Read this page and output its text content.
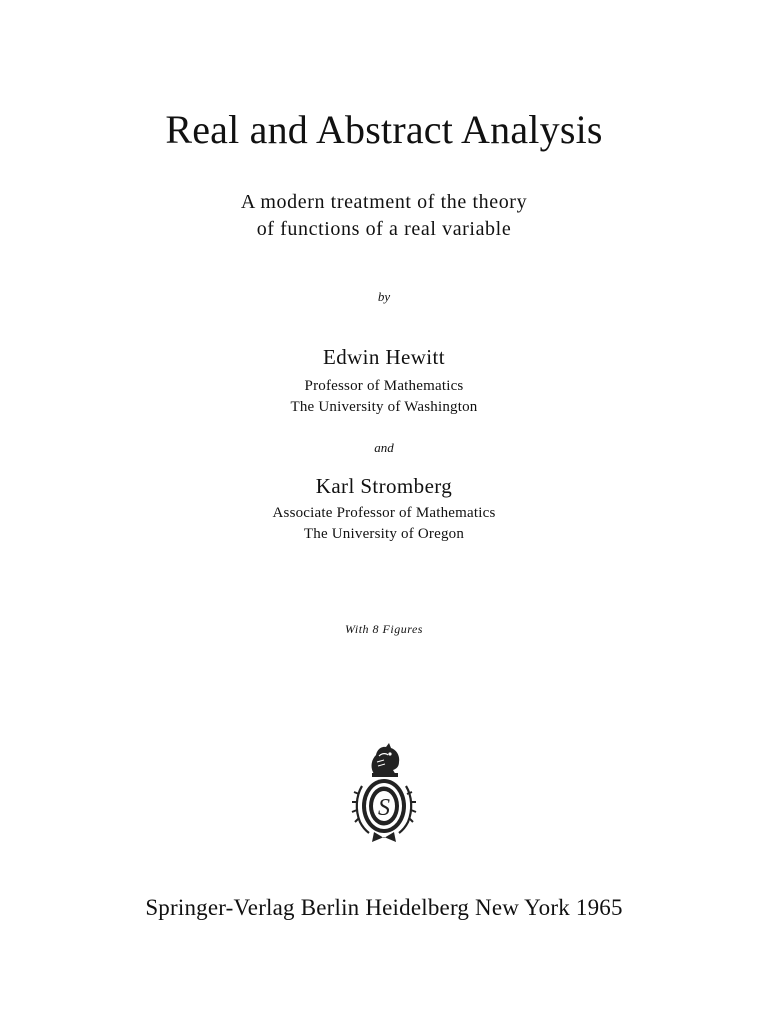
Real and Abstract Analysis
A modern treatment of the theory
of functions of a real variable
by
Edwin Hewitt
Professor of Mathematics
The University of Washington
and
Karl Stromberg
Associate Professor of Mathematics
The University of Oregon
With 8 Figures
S
Springer-Verlag Berlin Heidelberg New York 1965
